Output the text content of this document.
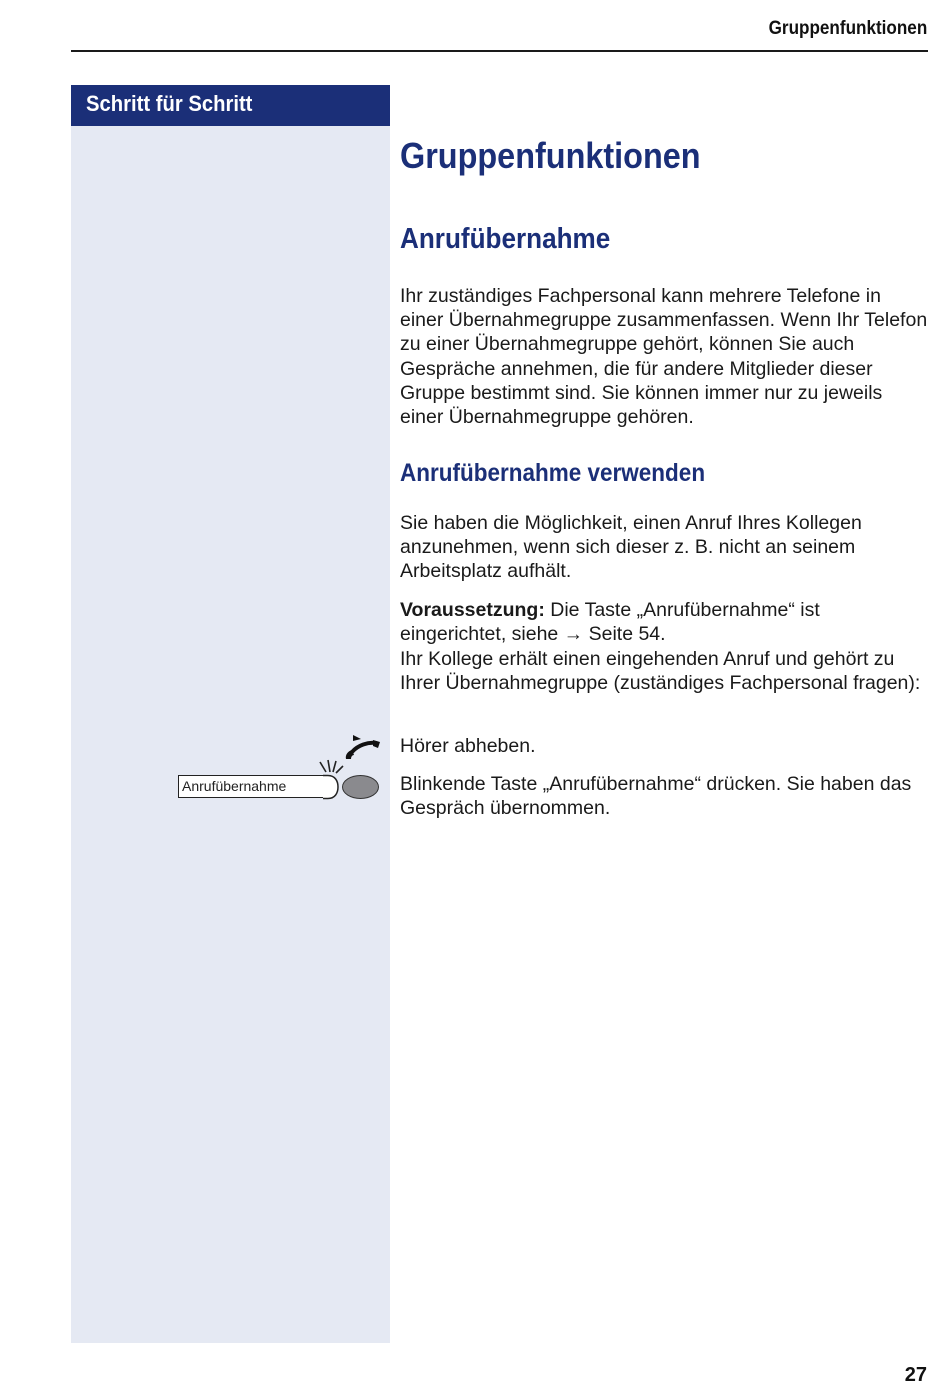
Gruppenfunktionen
Schritt für Schritt
Gruppenfunktionen
Anrufübernahme

Ihr zuständiges Fachpersonal kann mehrere Telefone in einer Übernahmegruppe zusammenfassen. Wenn Ihr Telefon zu einer Übernahmegruppe gehört, können Sie auch Gespräche annehmen, die für andere Mitglieder dieser Gruppe bestimmt sind. Sie können immer nur zu jeweils einer Übernahmegruppe gehören.

Anrufübernahme verwenden

Sie haben die Möglichkeit, einen Anruf Ihres Kollegen anzunehmen, wenn sich dieser z. B. nicht an seinem Arbeitsplatz aufhält.

Voraussetzung: Die Taste „Anrufübernahme“ ist eingerichtet, siehe → Seite 54.

Ihr Kollege erhält einen eingehenden Anruf und gehört zu Ihrer Übernahmegruppe (zuständiges Fachpersonal fragen):

Hörer abheben.

Blinkende Taste „Anrufübernahme“ drücken. Sie haben das Gespräch übernommen.

Anrufübernahme
27
